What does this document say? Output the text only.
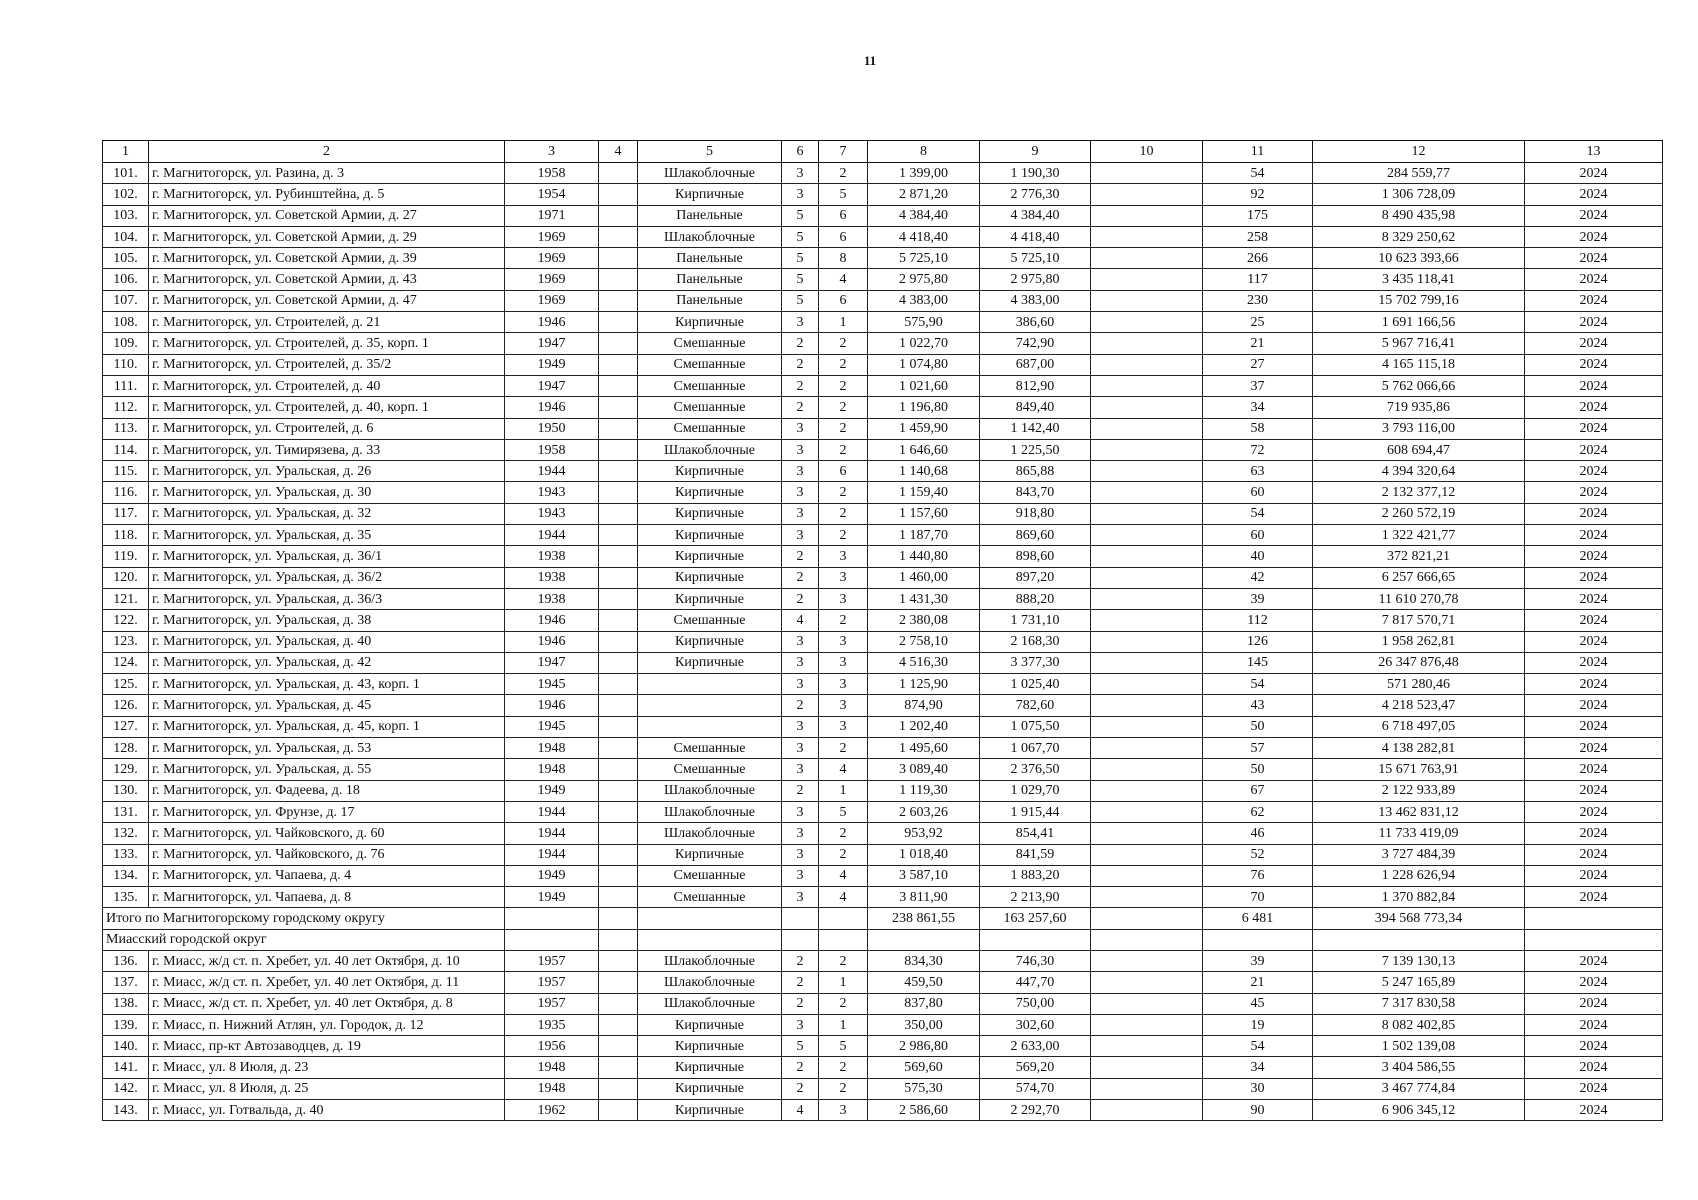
11
1	2	3	4	5	6	7	8	9	10	11	12	13
101.	г. Магнитогорск, ул. Разина, д. 3	1958		Шлакоблочные	3	2	1 399,00	1 190,30		54	284 559,77	2024
102.	г. Магнитогорск, ул. Рубинштейна, д. 5	1954		Кирпичные	3	5	2 871,20	2 776,30		92	1 306 728,09	2024
103.	г. Магнитогорск, ул. Советской Армии, д. 27	1971		Панельные	5	6	4 384,40	4 384,40		175	8 490 435,98	2024
104.	г. Магнитогорск, ул. Советской Армии, д. 29	1969		Шлакоблочные	5	6	4 418,40	4 418,40		258	8 329 250,62	2024
105.	г. Магнитогорск, ул. Советской Армии, д. 39	1969		Панельные	5	8	5 725,10	5 725,10		266	10 623 393,66	2024
106.	г. Магнитогорск, ул. Советской Армии, д. 43	1969		Панельные	5	4	2 975,80	2 975,80		117	3 435 118,41	2024
107.	г. Магнитогорск, ул. Советской Армии, д. 47	1969		Панельные	5	6	4 383,00	4 383,00		230	15 702 799,16	2024
108.	г. Магнитогорск, ул. Строителей, д. 21	1946		Кирпичные	3	1	575,90	386,60		25	1 691 166,56	2024
109.	г. Магнитогорск, ул. Строителей, д. 35, корп. 1	1947		Смешанные	2	2	1 022,70	742,90		21	5 967 716,41	2024
110.	г. Магнитогорск, ул. Строителей, д. 35/2	1949		Смешанные	2	2	1 074,80	687,00		27	4 165 115,18	2024
111.	г. Магнитогорск, ул. Строителей, д. 40	1947		Смешанные	2	2	1 021,60	812,90		37	5 762 066,66	2024
112.	г. Магнитогорск, ул. Строителей, д. 40, корп. 1	1946		Смешанные	2	2	1 196,80	849,40		34	719 935,86	2024
113.	г. Магнитогорск, ул. Строителей, д. 6	1950		Смешанные	3	2	1 459,90	1 142,40		58	3 793 116,00	2024
114.	г. Магнитогорск, ул. Тимирязева, д. 33	1958		Шлакоблочные	3	2	1 646,60	1 225,50		72	608 694,47	2024
115.	г. Магнитогорск, ул. Уральская, д. 26	1944		Кирпичные	3	6	1 140,68	865,88		63	4 394 320,64	2024
116.	г. Магнитогорск, ул. Уральская, д. 30	1943		Кирпичные	3	2	1 159,40	843,70		60	2 132 377,12	2024
117.	г. Магнитогорск, ул. Уральская, д. 32	1943		Кирпичные	3	2	1 157,60	918,80		54	2 260 572,19	2024
118.	г. Магнитогорск, ул. Уральская, д. 35	1944		Кирпичные	3	2	1 187,70	869,60		60	1 322 421,77	2024
119.	г. Магнитогорск, ул. Уральская, д. 36/1	1938		Кирпичные	2	3	1 440,80	898,60		40	372 821,21	2024
120.	г. Магнитогорск, ул. Уральская, д. 36/2	1938		Кирпичные	2	3	1 460,00	897,20		42	6 257 666,65	2024
121.	г. Магнитогорск, ул. Уральская, д. 36/3	1938		Кирпичные	2	3	1 431,30	888,20		39	11 610 270,78	2024
122.	г. Магнитогорск, ул. Уральская, д. 38	1946		Смешанные	4	2	2 380,08	1 731,10		112	7 817 570,71	2024
123.	г. Магнитогорск, ул. Уральская, д. 40	1946		Кирпичные	3	3	2 758,10	2 168,30		126	1 958 262,81	2024
124.	г. Магнитогорск, ул. Уральская, д. 42	1947		Кирпичные	3	3	4 516,30	3 377,30		145	26 347 876,48	2024
125.	г. Магнитогорск, ул. Уральская, д. 43, корп. 1	1945			3	3	1 125,90	1 025,40		54	571 280,46	2024
126.	г. Магнитогорск, ул. Уральская, д. 45	1946			2	3	874,90	782,60		43	4 218 523,47	2024
127.	г. Магнитогорск, ул. Уральская, д. 45, корп. 1	1945			3	3	1 202,40	1 075,50		50	6 718 497,05	2024
128.	г. Магнитогорск, ул. Уральская, д. 53	1948		Смешанные	3	2	1 495,60	1 067,70		57	4 138 282,81	2024
129.	г. Магнитогорск, ул. Уральская, д. 55	1948		Смешанные	3	4	3 089,40	2 376,50		50	15 671 763,91	2024
130.	г. Магнитогорск, ул. Фадеева, д. 18	1949		Шлакоблочные	2	1	1 119,30	1 029,70		67	2 122 933,89	2024
131.	г. Магнитогорск, ул. Фрунзе, д. 17	1944		Шлакоблочные	3	5	2 603,26	1 915,44		62	13 462 831,12	2024
132.	г. Магнитогорск, ул. Чайковского, д. 60	1944		Шлакоблочные	3	2	953,92	854,41		46	11 733 419,09	2024
133.	г. Магнитогорск, ул. Чайковского, д. 76	1944		Кирпичные	3	2	1 018,40	841,59		52	3 727 484,39	2024
134.	г. Магнитогорск, ул. Чапаева, д. 4	1949		Смешанные	3	4	3 587,10	1 883,20		76	1 228 626,94	2024
135.	г. Магнитогорск, ул. Чапаева, д. 8	1949		Смешанные	3	4	3 811,90	2 213,90		70	1 370 882,84	2024
Итого по Магнитогорскому городскому округу							238 861,55	163 257,60		6 481	394 568 773,34	
Миасский городской округ												
136.	г. Миасс, ж/д ст. п. Хребет, ул. 40 лет Октября, д. 10	1957		Шлакоблочные	2	2	834,30	746,30		39	7 139 130,13	2024
137.	г. Миасс, ж/д ст. п. Хребет, ул. 40 лет Октября, д. 11	1957		Шлакоблочные	2	1	459,50	447,70		21	5 247 165,89	2024
138.	г. Миасс, ж/д ст. п. Хребет, ул. 40 лет Октября, д. 8	1957		Шлакоблочные	2	2	837,80	750,00		45	7 317 830,58	2024
139.	г. Миасс, п. Нижний Атлян, ул. Городок, д. 12	1935		Кирпичные	3	1	350,00	302,60		19	8 082 402,85	2024
140.	г. Миасс, пр-кт Автозаводцев, д. 19	1956		Кирпичные	5	5	2 986,80	2 633,00		54	1 502 139,08	2024
141.	г. Миасс, ул. 8 Июля, д. 23	1948		Кирпичные	2	2	569,60	569,20		34	3 404 586,55	2024
142.	г. Миасс, ул. 8 Июля, д. 25	1948		Кирпичные	2	2	575,30	574,70		30	3 467 774,84	2024
143.	г. Миасс, ул. Готвальда, д. 40	1962		Кирпичные	4	3	2 586,60	2 292,70		90	6 906 345,12	2024
